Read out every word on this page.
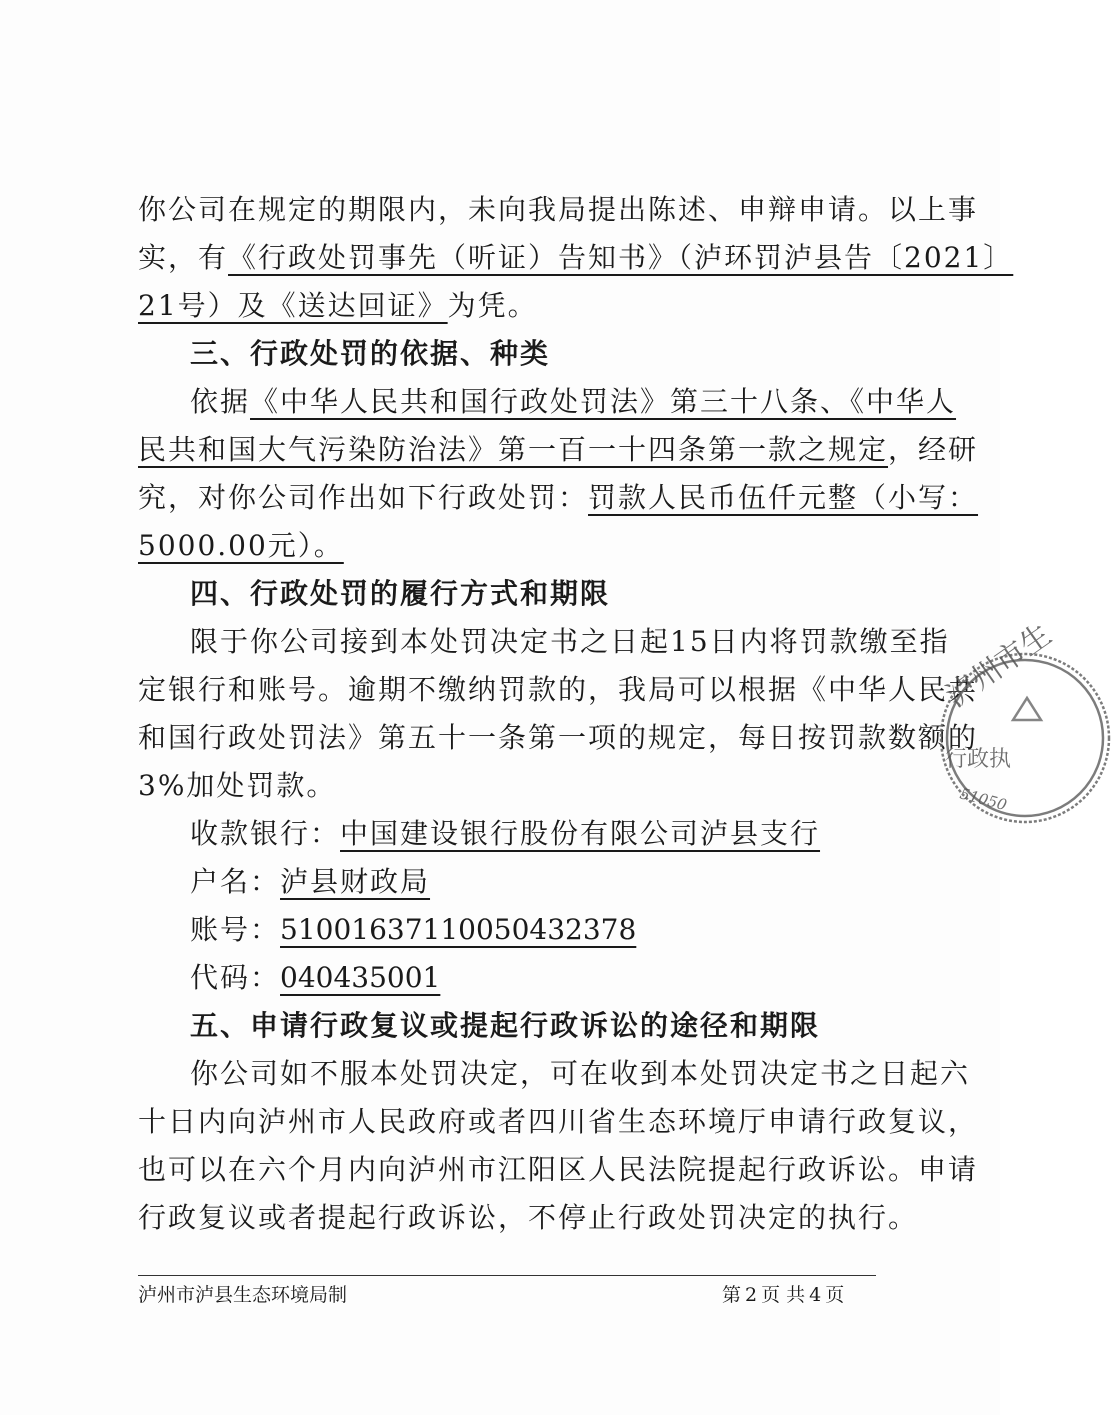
你公司在规定的期限内，未向我局提出陈述、申辩申请。以上事
实，有《行政处罚事先（听证）告知书》（泸环罚泸县告〔2021〕
21号）及《送达回证》为凭。
三、行政处罚的依据、种类
依据《中华人民共和国行政处罚法》第三十八条、《中华人
民共和国大气污染防治法》第一百一十四条第一款之规定，经研
究，对你公司作出如下行政处罚：罚款人民币伍仟元整（小写：
5000.00元）。
四、行政处罚的履行方式和期限
限于你公司接到本处罚决定书之日起15日内将罚款缴至指
定银行和账号。逾期不缴纳罚款的，我局可以根据《中华人民共
和国行政处罚法》第五十一条第一项的规定，每日按罚款数额的
3%加处罚款。
收款银行：中国建设银行股份有限公司泸县支行
户名：泸县财政局
账号：51001637110050432378
代码：040435001
五、申请行政复议或提起行政诉讼的途径和期限
你公司如不服本处罚决定，可在收到本处罚决定书之日起六
十日内向泸州市人民政府或者四川省生态环境厅申请行政复议，
也可以在六个月内向泸州市江阳区人民法院提起行政诉讼。申请
行政复议或者提起行政诉讼，不停止行政处罚决定的执行。
泸州市泸县生态环境局制	第 2 页 共 4 页
泸州市生
行政执
51050
